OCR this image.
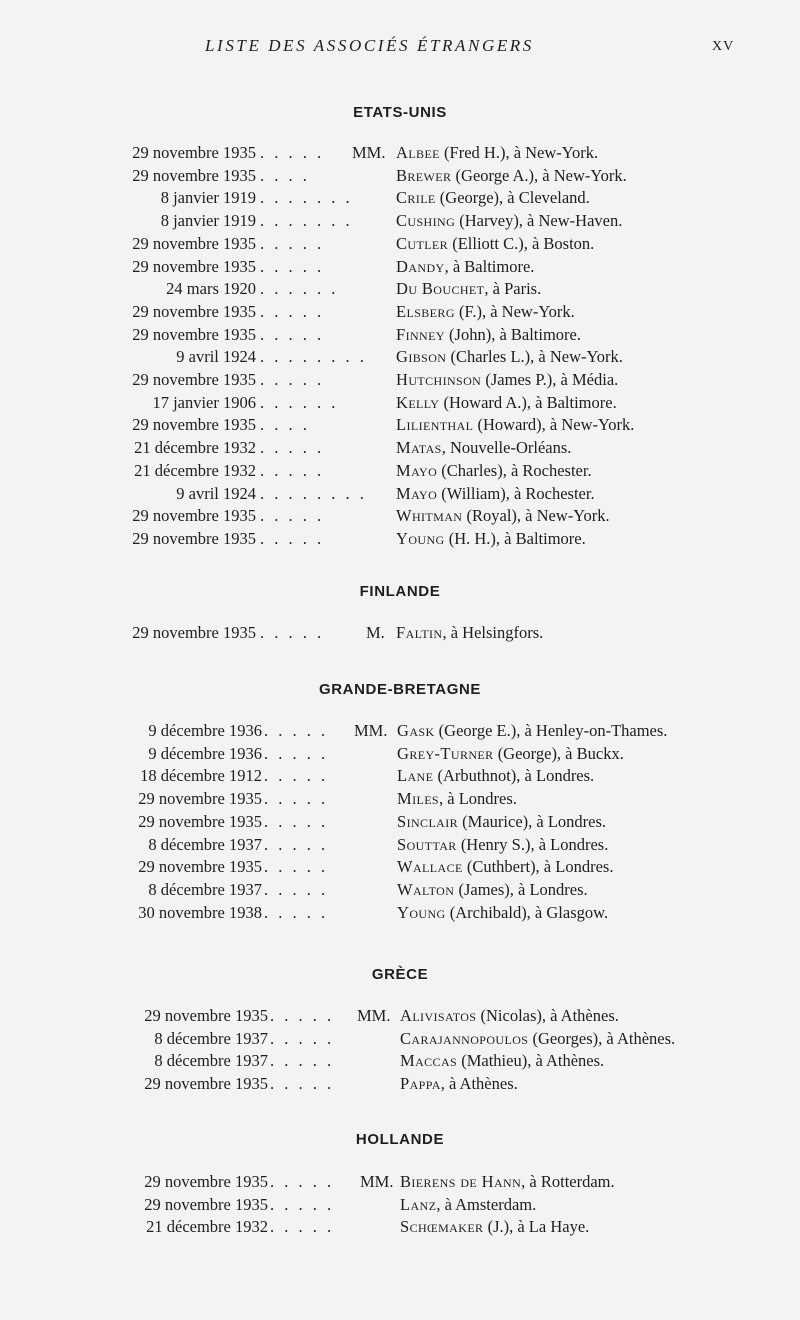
LISTE DES ASSOCIÉS ÉTRANGERS	XV
ETATS-UNIS
29 novembre 1935 . . . . . MM. Albee (Fred H.), à New-York.
29 novembre 1935 . . . .	Brewer (George A.), à New-York.
8 janvier 1919 . . . . . . .	Crile (George), à Cleveland.
8 janvier 1919 . . . . . . .	Cushing (Harvey), à New-Haven.
29 novembre 1935 . . . . .	Cutler (Elliott C.), à Boston.
29 novembre 1935 . . . . .	Dandy, à Baltimore.
24 mars 1920 . . . . . .	Du Bouchet, à Paris.
29 novembre 1935 . . . . .	Elsberg (F.), à New-York.
29 novembre 1935 . . . . .	Finney (John), à Baltimore.
9 avril 1924 . . . . . . . . Gibson (Charles L.), à New-York.
29 novembre 1935 . . . . .	Hutchinson (James P.), à Média.
17 janvier 1906 . . . . . .	Kelly (Howard A.), à Baltimore.
29 novembre 1935 . . . .	Lilienthal (Howard), à New-York.
21 décembre 1932 . . . . .	Matas, Nouvelle-Orléans.
21 décembre 1932 . . . . .	Mayo (Charles), à Rochester.
9 avril 1924 . . . . . . . . Mayo (William), à Rochester.
29 novembre 1935 . . . . .	Whitman (Royal), à New-York.
29 novembre 1935 . . . . .	Young (H. H.), à Baltimore.
FINLANDE
29 novembre 1935 . . . . .	M. Faltin, à Helsingfors.
GRANDE-BRETAGNE
9 décembre 1936 . . . . . MM. Gask (George E.), à Henley-on-Thames.
9 décembre 1936 . . . . .	Grey-Turner (George), à Buckx.
18 décembre 1912 . . . . .	Lane (Arbuthnot), à Londres.
29 novembre 1935 . . . . .	Miles, à Londres.
29 novembre 1935 . . . . .	Sinclair (Maurice), à Londres.
8 décembre 1937 . . . . .	Souttar (Henry S.), à Londres.
29 novembre 1935 . . . . .	Wallace (Cuthbert), à Londres.
8 décembre 1937 . . . . .	Walton (James), à Londres.
30 novembre 1938 . . . . .	Young (Archibald), à Glasgow.
GRÈCE
29 novembre 1935 . . . . . MM. Alivisatos (Nicolas), à Athènes.
8 décembre 1937 . . . . .	Carajannopoulos (Georges), à Athènes.
8 décembre 1937 . . . . .	Maccas (Mathieu), à Athènes.
29 novembre 1935 . . . . .	Pappa, à Athènes.
HOLLANDE
29 novembre 1935 . . . . . MM. Bierens de Hann, à Rotterdam.
29 novembre 1935 . . . . .	Lanz, à Amsterdam.
21 décembre 1932 . . . . .	Schœmaker (J.), à La Haye.
